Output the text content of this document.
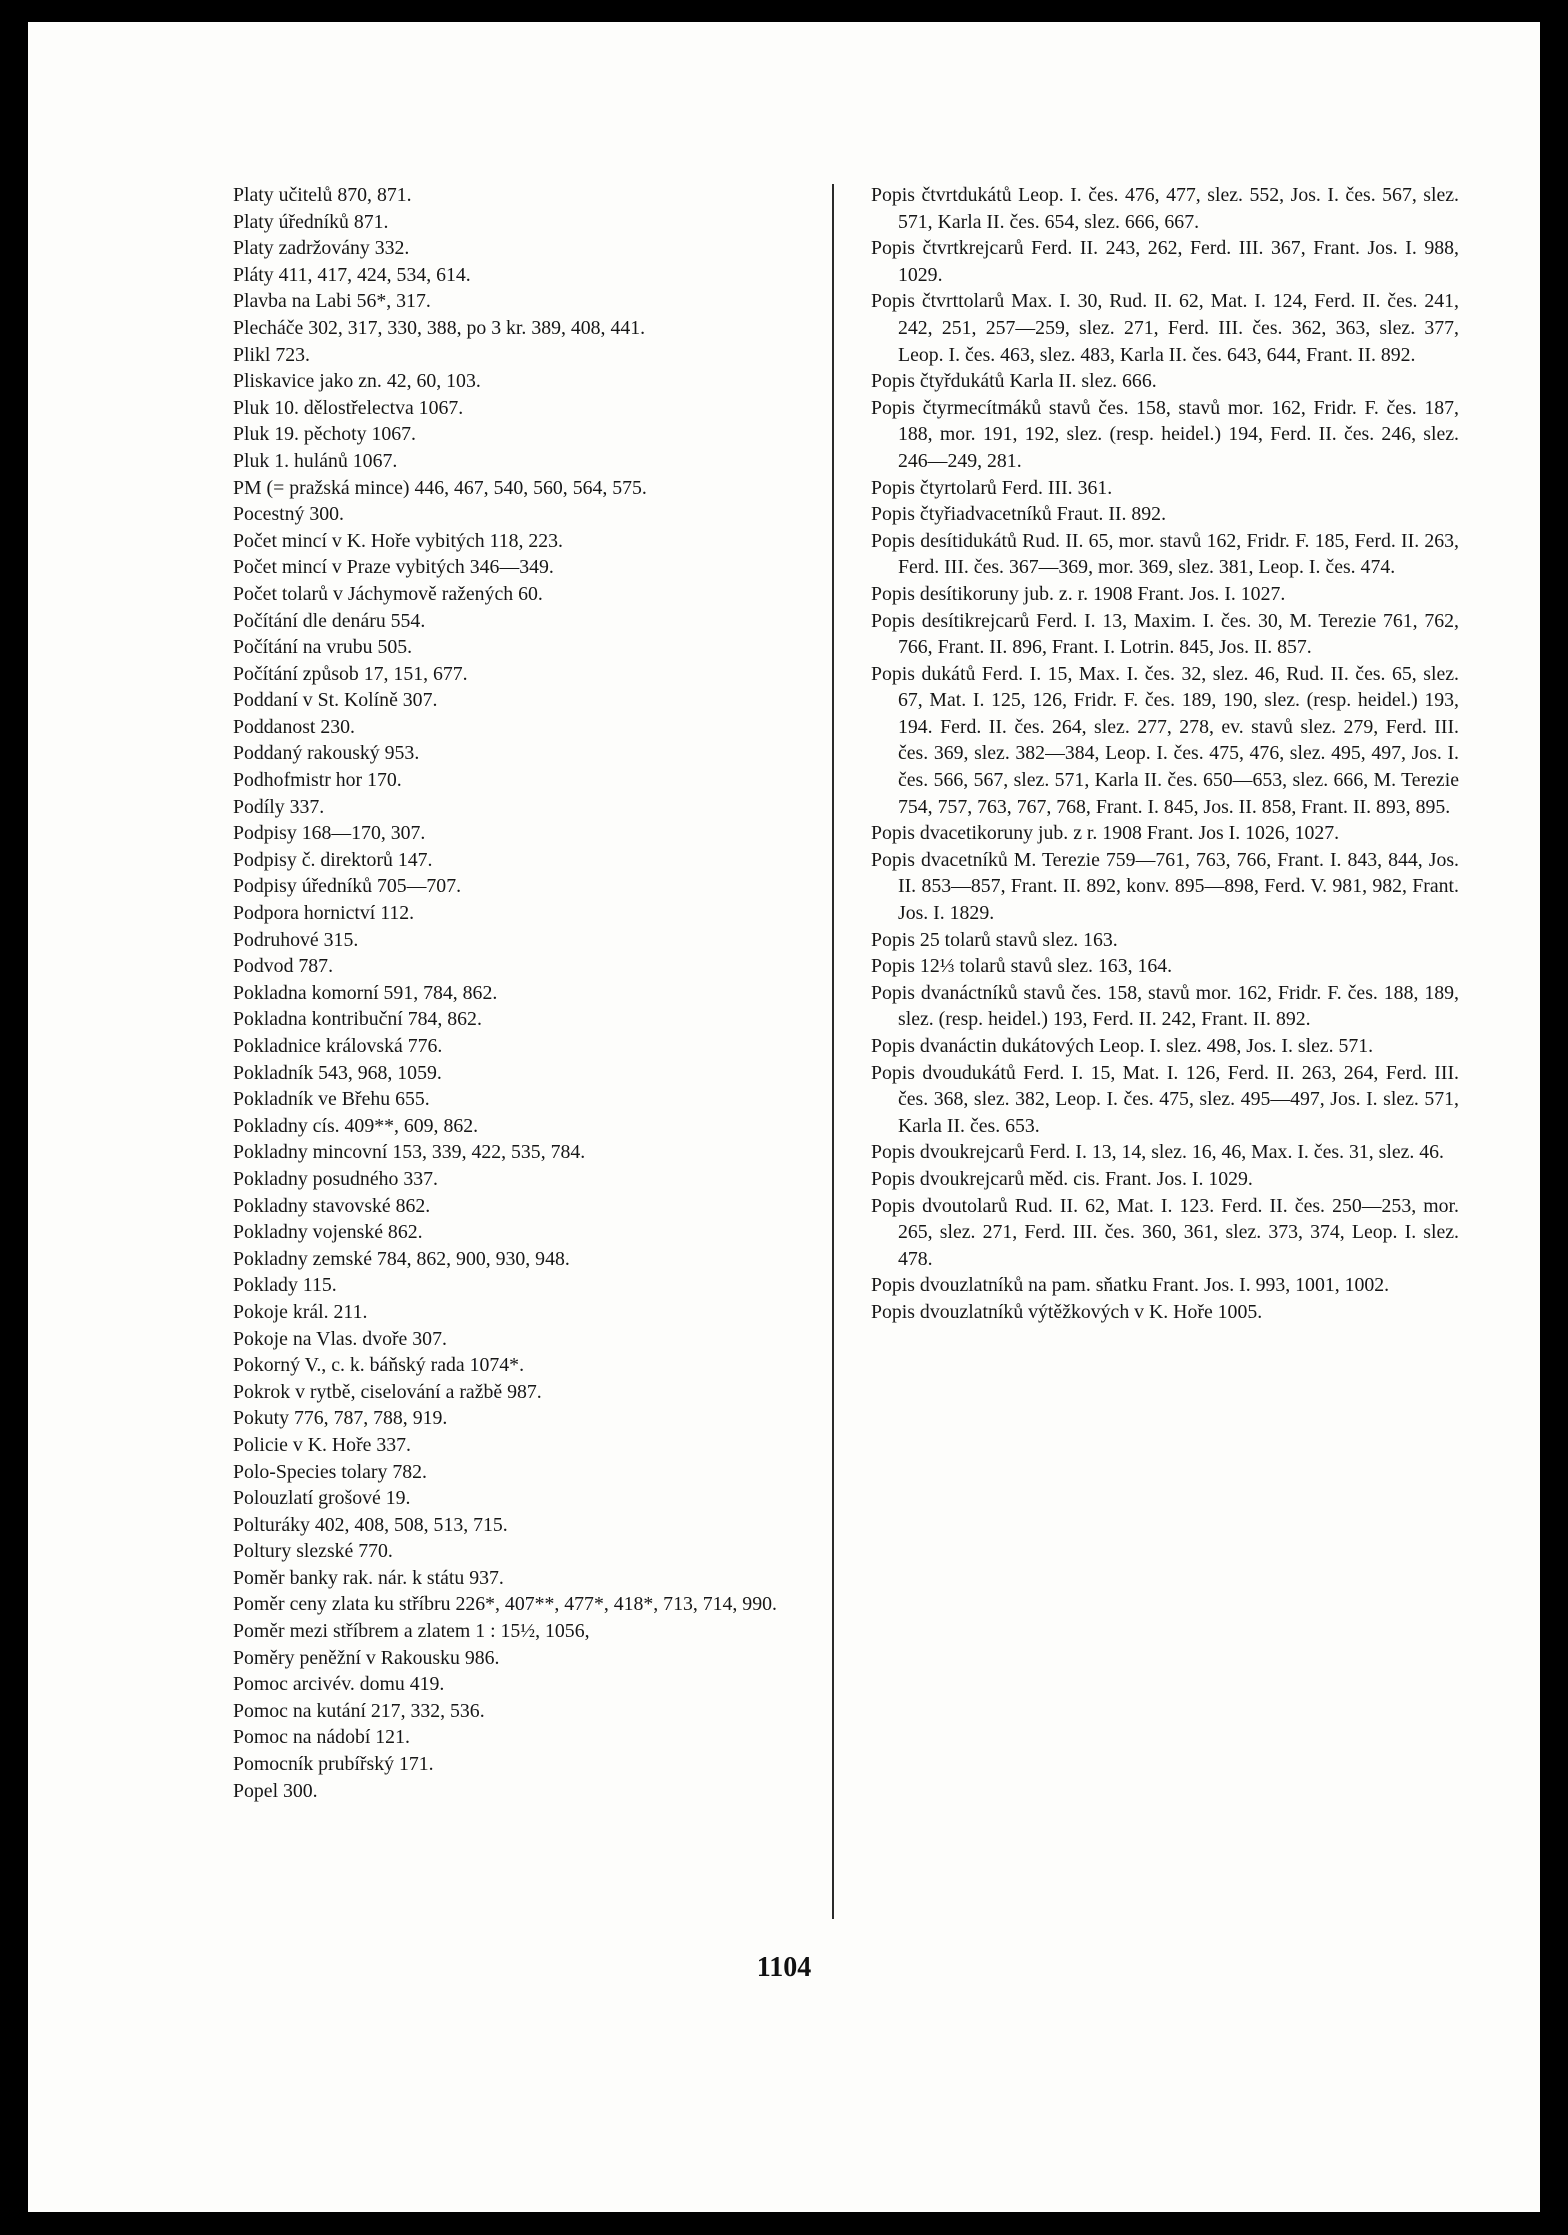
Platy učitelů 870, 871.
Platy úředníků 871.
Platy zadržovány 332.
Pláty 411, 417, 424, 534, 614.
Plavba na Labi 56*, 317.
Plecháče 302, 317, 330, 388, po 3 kr. 389, 408, 441.
Plikl 723.
Pliskavice jako zn. 42, 60, 103.
Pluk 10. dělostřelectva 1067.
Pluk 19. pěchoty 1067.
Pluk 1. hulánů 1067.
PM (= pražská mince) 446, 467, 540, 560, 564, 575.
Pocestný 300.
Počet mincí v K. Hoře vybitých 118, 223.
Počet mincí v Praze vybitých 346—349.
Počet tolarů v Jáchymově ražených 60.
Počítání dle denáru 554.
Počítání na vrubu 505.
Počítání způsob 17, 151, 677.
Poddaní v St. Kolíně 307.
Poddanost 230.
Poddaný rakouský 953.
Podhofmistr hor 170.
Podíly 337.
Podpisy 168—170, 307.
Podpisy č. direktorů 147.
Podpisy úředníků 705—707.
Podpora hornictví 112.
Podruhové 315.
Podvod 787.
Pokladna komorní 591, 784, 862.
Pokladna kontribuční 784, 862.
Pokladnice královská 776.
Pokladník 543, 968, 1059.
Pokladník ve Břehu 655.
Pokladny cís. 409**, 609, 862.
Pokladny mincovní 153, 339, 422, 535, 784.
Pokladny posudného 337.
Pokladny stavovské 862.
Pokladny vojenské 862.
Pokladny zemské 784, 862, 900, 930, 948.
Poklady 115.
Pokoje král. 211.
Pokoje na Vlas. dvoře 307.
Pokorný V., c. k. báňský rada 1074*.
Pokrok v rytbě, ciselování a ražbě 987.
Pokuty 776, 787, 788, 919.
Policie v K. Hoře 337.
Polo-Species tolary 782.
Polouzlatí grošové 19.
Polturáky 402, 408, 508, 513, 715.
Poltury slezské 770.
Poměr banky rak. nár. k státu 937.
Poměr ceny zlata ku stříbru 226*, 407**, 477*, 418*, 713, 714, 990.
Poměr mezi stříbrem a zlatem 1 : 15½, 1056,
Poměry peněžní v Rakousku 986.
Pomoc arcivév. domu 419.
Pomoc na kutání 217, 332, 536.
Pomoc na nádobí 121.
Pomocník prubířský 171.
Popel 300.
Popis čtvrtdukátů Leop. I. čes. 476, 477, slez. 552, Jos. I. čes. 567, slez. 571, Karla II. čes. 654, slez. 666, 667.
Popis čtvrtkrejcarů Ferd. II. 243, 262, Ferd. III. 367, Frant. Jos. I. 988, 1029.
Popis čtvrttolarů Max. I. 30, Rud. II. 62, Mat. I. 124, Ferd. II. čes. 241, 242, 251, 257—259, slez. 271, Ferd. III. čes. 362, 363, slez. 377, Leop. I. čes. 463, slez. 483, Karla II. čes. 643, 644, Frant. II. 892.
Popis čtyřdukátů Karla II. slez. 666.
Popis čtyrmecítmáků stavů čes. 158, stavů mor. 162, Fridr. F. čes. 187, 188, mor. 191, 192, slez. (resp. heidel.) 194, Ferd. II. čes. 246, slez. 246—249, 281.
Popis čtyrtolarů Ferd. III. 361.
Popis čtyřiadvacetníků Fraut. II. 892.
Popis desítidukátů Rud. II. 65, mor. stavů 162, Fridr. F. 185, Ferd. II. 263, Ferd. III. čes. 367—369, mor. 369, slez. 381, Leop. I. čes. 474.
Popis desítikoruny jub. z. r. 1908 Frant. Jos. I. 1027.
Popis desítikrejcarů Ferd. I. 13, Maxim. I. čes. 30, M. Terezie 761, 762, 766, Frant. II. 896, Frant. I. Lotrin. 845, Jos. II. 857.
Popis dukátů Ferd. I. 15, Max. I. čes. 32, slez. 46, Rud. II. čes. 65, slez. 67, Mat. I. 125, 126, Fridr. F. čes. 189, 190, slez. (resp. heidel.) 193, 194. Ferd. II. čes. 264, slez. 277, 278, ev. stavů slez. 279, Ferd. III. čes. 369, slez. 382—384, Leop. I. čes. 475, 476, slez. 495, 497, Jos. I. čes. 566, 567, slez. 571, Karla II. čes. 650—653, slez. 666, M. Terezie 754, 757, 763, 767, 768, Frant. I. 845, Jos. II. 858, Frant. II. 893, 895.
Popis dvacetikoruny jub. z r. 1908 Frant. Jos I. 1026, 1027.
Popis dvacetníků M. Terezie 759—761, 763, 766, Frant. I. 843, 844, Jos. II. 853—857, Frant. II. 892, konv. 895—898, Ferd. V. 981, 982, Frant. Jos. I. 1829.
Popis 25 tolarů stavů slez. 163.
Popis 12⅓ tolarů stavů slez. 163, 164.
Popis dvanáctníků stavů čes. 158, stavů mor. 162, Fridr. F. čes. 188, 189, slez. (resp. heidel.) 193, Ferd. II. 242, Frant. II. 892.
Popis dvanáctin dukátových Leop. I. slez. 498, Jos. I. slez. 571.
Popis dvoudukátů Ferd. I. 15, Mat. I. 126, Ferd. II. 263, 264, Ferd. III. čes. 368, slez. 382, Leop. I. čes. 475, slez. 495—497, Jos. I. slez. 571, Karla II. čes. 653.
Popis dvoukrejcarů Ferd. I. 13, 14, slez. 16, 46, Max. I. čes. 31, slez. 46.
Popis dvoukrejcarů měd. cis. Frant. Jos. I. 1029.
Popis dvoutolarů Rud. II. 62, Mat. I. 123. Ferd. II. čes. 250—253, mor. 265, slez. 271, Ferd. III. čes. 360, 361, slez. 373, 374, Leop. I. slez. 478.
Popis dvouzlatníků na pam. sňatku Frant. Jos. I. 993, 1001, 1002.
Popis dvouzlatníků výtěžkových v K. Hoře 1005.
1104
